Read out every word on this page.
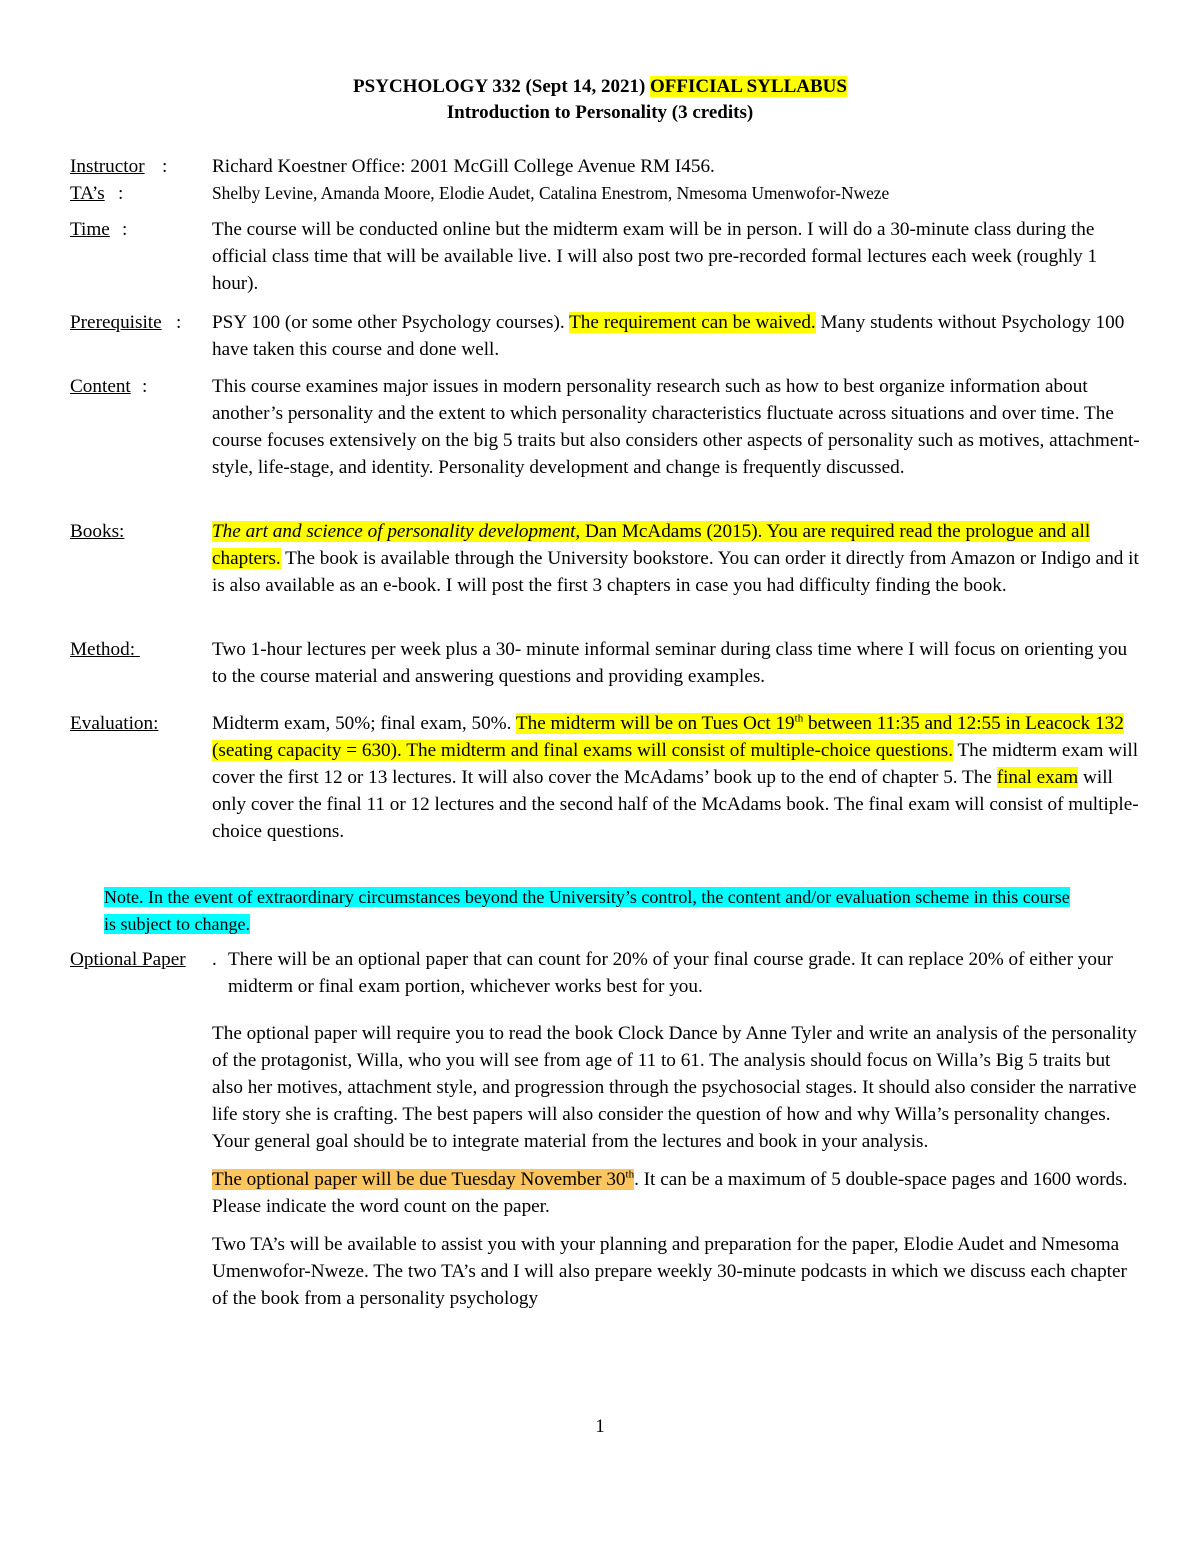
PSYCHOLOGY 332 (Sept 14, 2021) OFFICIAL SYLLABUS
Introduction to Personality (3 credits)
Instructor : Richard Koestner Office: 2001 McGill College Avenue RM I456.
TA’s :	Shelby Levine, Amanda Moore, Elodie Audet, Catalina Enestrom, Nmesoma Umenwofor-Nweze
Time :	The course will be conducted online but the midterm exam will be in person. I will do a 30-minute class during the official class time that will be available live. I will also post two pre-recorded formal lectures each week (roughly 1 hour).
Prerequisite : PSY 100 (or some other Psychology courses). The requirement can be waived. Many students without Psychology 100 have taken this course and done well.
Content :	This course examines major issues in modern personality research such as how to best organize information about another’s personality and the extent to which personality characteristics fluctuate across situations and over time. The course focuses extensively on the big 5 traits but also considers other aspects of personality such as motives, attachment-style, life-stage, and identity. Personality development and change is frequently discussed.
Books:	The art and science of personality development, Dan McAdams (2015). You are required read the prologue and all chapters. The book is available through the University bookstore. You can order it directly from Amazon or Indigo and it is also available as an e-book. I will post the first 3 chapters in case you had difficulty finding the book.
Method:	Two 1-hour lectures per week plus a 30- minute informal seminar during class time where I will focus on orienting you to the course material and answering questions and providing examples.
Evaluation:	Midterm exam, 50%; final exam, 50%. The midterm will be on Tues Oct 19th between 11:35 and 12:55 in Leacock 132 (seating capacity = 630). The midterm and final exams will consist of multiple-choice questions. The midterm exam will cover the first 12 or 13 lectures. It will also cover the McAdams’ book up to the end of chapter 5. The final exam will only cover the final 11 or 12 lectures and the second half of the McAdams book. The final exam will consist of multiple-choice questions.
Note. In the event of extraordinary circumstances beyond the University’s control, the content and/or evaluation scheme in this course is subject to change.
Optional Paper . There will be an optional paper that can count for 20% of your final course grade. It can replace 20% of either your midterm or final exam portion, whichever works best for you.

The optional paper will require you to read the book Clock Dance by Anne Tyler and write an analysis of the personality of the protagonist, Willa, who you will see from age of 11 to 61. The analysis should focus on Willa’s Big 5 traits but also her motives, attachment style, and progression through the psychosocial stages. It should also consider the narrative life story she is crafting. The best papers will also consider the question of how and why Willa’s personality changes. Your general goal should be to integrate material from the lectures and book in your analysis.

The optional paper will be due Tuesday November 30th. It can be a maximum of 5 double-space pages and 1600 words. Please indicate the word count on the paper.

Two TA’s will be available to assist you with your planning and preparation for the paper, Elodie Audet and Nmesoma Umenwofor-Nweze. The two TA’s and I will also prepare weekly 30-minute podcasts in which we discuss each chapter of the book from a personality psychology

1
